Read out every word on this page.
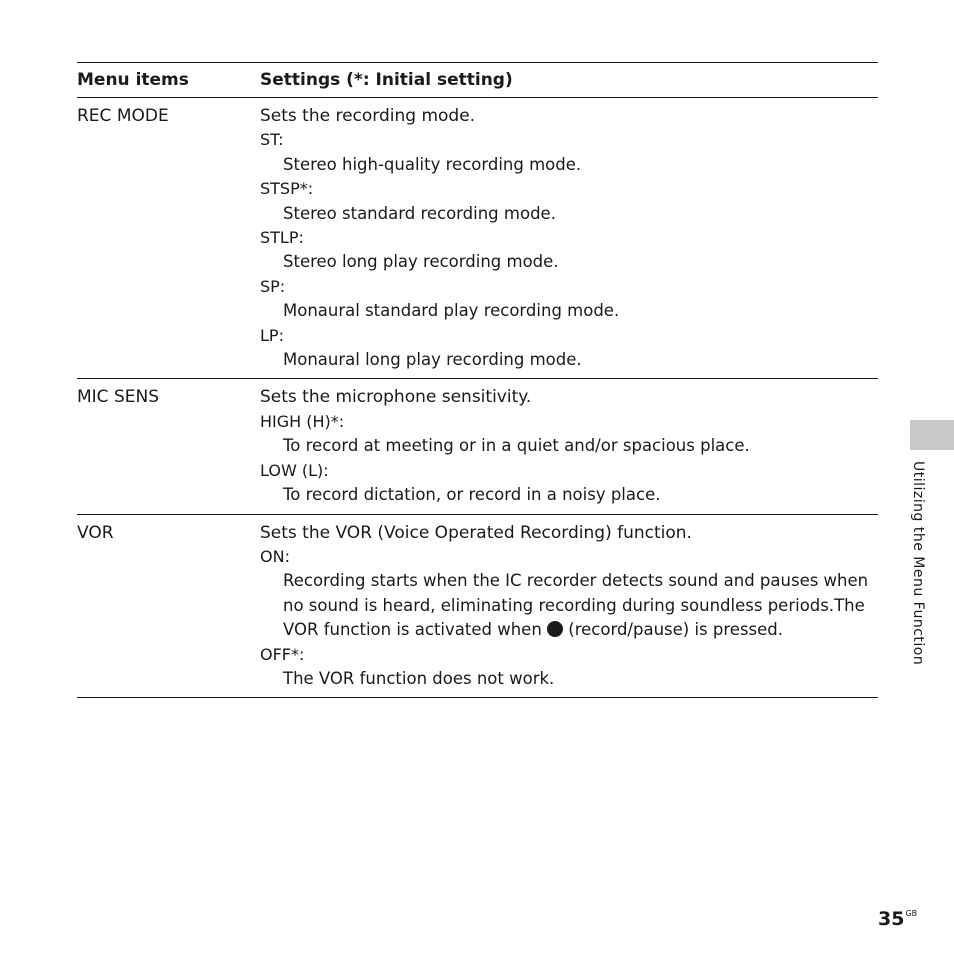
Menu items	Settings (*: Initial setting)
REC MODE	Sets the recording mode.
ST:
Stereo high-quality recording mode.
STSP*:
Stereo standard recording mode.
STLP:
Stereo long play recording mode.
SP:
Monaural standard play recording mode.
LP:
Monaural long play recording mode.
MIC SENS	Sets the microphone sensitivity.
HIGH (H)*:
To record at meeting or in a quiet and/or spacious place.
LOW (L):
To record dictation, or record in a noisy place.
VOR	Sets the VOR (Voice Operated Recording) function.
ON:
Recording starts when the IC recorder detects sound and pauses when no sound is heard, eliminating recording during soundless periods.The VOR function is activated when (record/pause) is pressed.
OFF*:
The VOR function does not work.
Utilizing the Menu Function
$35^{GB}$
